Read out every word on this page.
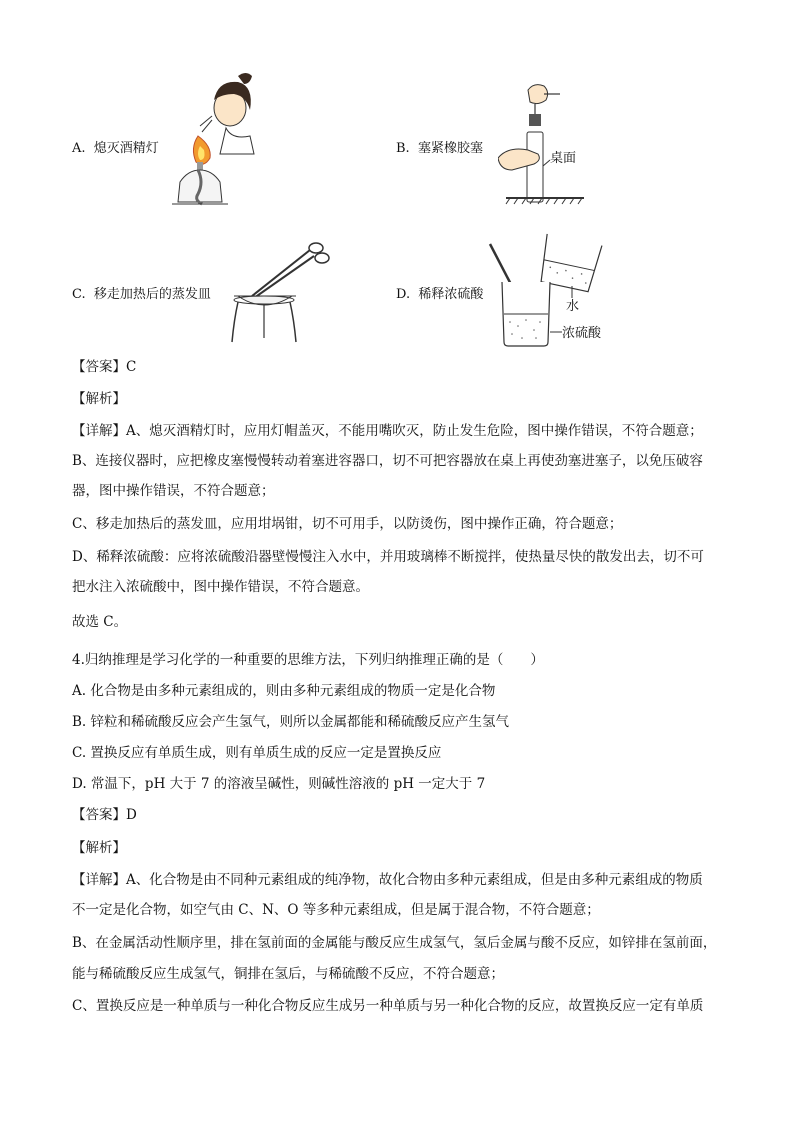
A. 熄灭酒精灯	B. 塞紧橡胶塞
桌面
C. 移走加热后的蒸发皿	D. 稀释浓硫酸
水
浓硫酸
【答案】C
【解析】
【详解】A、熄灭酒精灯时，应用灯帽盖灭，不能用嘴吹灭，防止发生危险，图中操作错误，不符合题意；
B、连接仪器时，应把橡皮塞慢慢转动着塞进容器口，切不可把容器放在桌上再使劲塞进塞子，以免压破容
器，图中操作错误，不符合题意；
C、移走加热后的蒸发皿，应用坩埚钳，切不可用手，以防烫伤，图中操作正确，符合题意；
D、稀释浓硫酸：应将浓硫酸沿器壁慢慢注入水中，并用玻璃棒不断搅拌，使热量尽快的散发出去，切不可
把水注入浓硫酸中，图中操作错误，不符合题意。
故选 C。
4.归纳推理是学习化学的一种重要的思维方法，下列归纳推理正确的是（　　）
A. 化合物是由多种元素组成的，则由多种元素组成的物质一定是化合物
B. 锌粒和稀硫酸反应会产生氢气，则所以金属都能和稀硫酸反应产生氢气
C. 置换反应有单质生成，则有单质生成的反应一定是置换反应
D. 常温下，pH 大于 7 的溶液呈碱性，则碱性溶液的 pH 一定大于 7
【答案】D
【解析】
【详解】A、化合物是由不同种元素组成的纯净物，故化合物由多种元素组成，但是由多种元素组成的物质
不一定是化合物，如空气由 C、N、O 等多种元素组成，但是属于混合物，不符合题意；
B、在金属活动性顺序里，排在氢前面的金属能与酸反应生成氢气，氢后金属与酸不反应，如锌排在氢前面，
能与稀硫酸反应生成氢气，铜排在氢后，与稀硫酸不反应，不符合题意；
C、置换反应是一种单质与一种化合物反应生成另一种单质与另一种化合物的反应，故置换反应一定有单质
